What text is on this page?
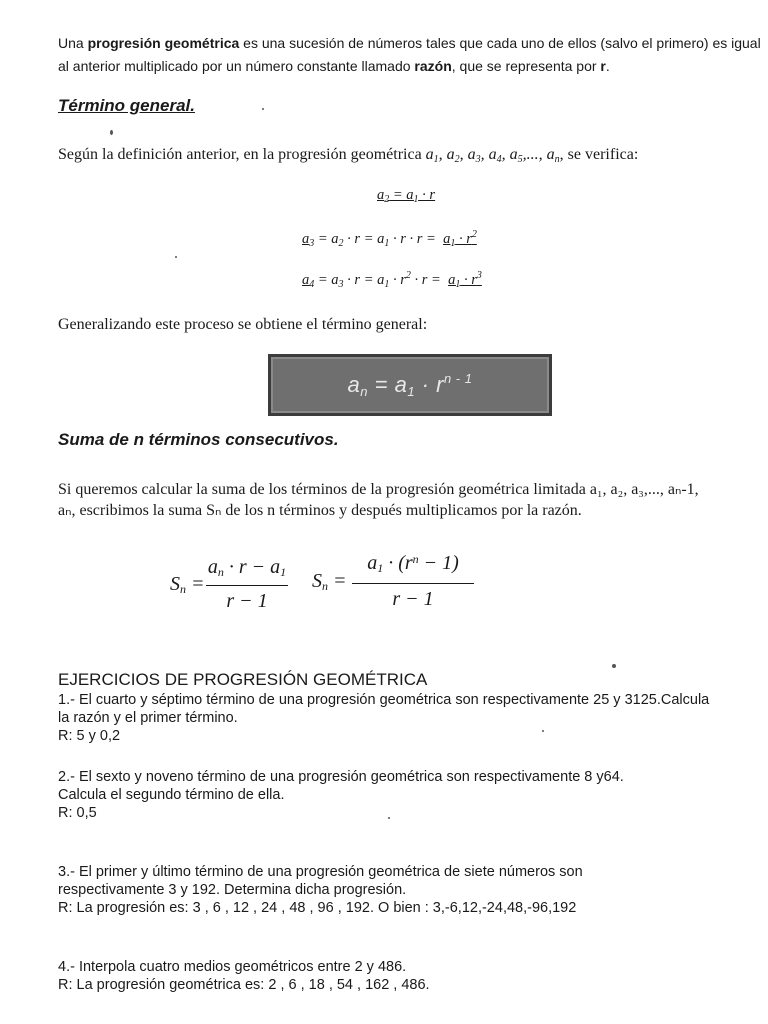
Una progresión geométrica es una sucesión de números tales que cada uno de ellos (salvo el primero) es igual
al anterior multiplicado por un número constante llamado razón, que se representa por r.
Término general.
Según la definición anterior, en la progresión geométrica $a_1$, $a_2$, $a_3$, $a_4$, $a_5$,..., $a_n$, se verifica:
$a_2 = a_1 \cdot r$
$a_3 = a_2 \cdot r = a_1 \cdot r \cdot r = a_1 \cdot r^2$
$a_4 = a_3 \cdot r = a_1 \cdot r^2 \cdot r = a_1 \cdot r^3$
Generalizando este proceso se obtiene el término general:
$a_n = a_1 \cdot r^{n - 1}$
Suma de n términos consecutivos.
Si queremos calcular la suma de los términos de la progresión geométrica limitada a₁, a₂, a₃,..., aₙ-1,
aₙ, escribimos la suma Sₙ de los n términos y después multiplicamos por la razón.
$S_n$ =
$a_n \cdot r - a_1$
r − 1
$S_n$ =
$a_1 \cdot (r^n - 1)$
r − 1
EJERCICIOS DE PROGRESIÓN GEOMÉTRICA
1.- El cuarto y séptimo término de una progresión geométrica son respectivamente 25 y 3125.Calcula
la razón y el primer término.
R: 5 y 0,2
2.- El sexto y noveno término de una progresión geométrica son respectivamente 8 y64.
Calcula el segundo término de ella.
R: 0,5
3.- El primer y último término de una progresión geométrica de siete números son
respectivamente 3 y 192. Determina dicha progresión.
R: La progresión es: 3 , 6 , 12 , 24 , 48 , 96 , 192. O bien : 3,-6,12,-24,48,-96,192
4.- Interpola cuatro medios geométricos entre 2 y 486.
R: La progresión geométrica es: 2 , 6 , 18 , 54 , 162 , 486.
